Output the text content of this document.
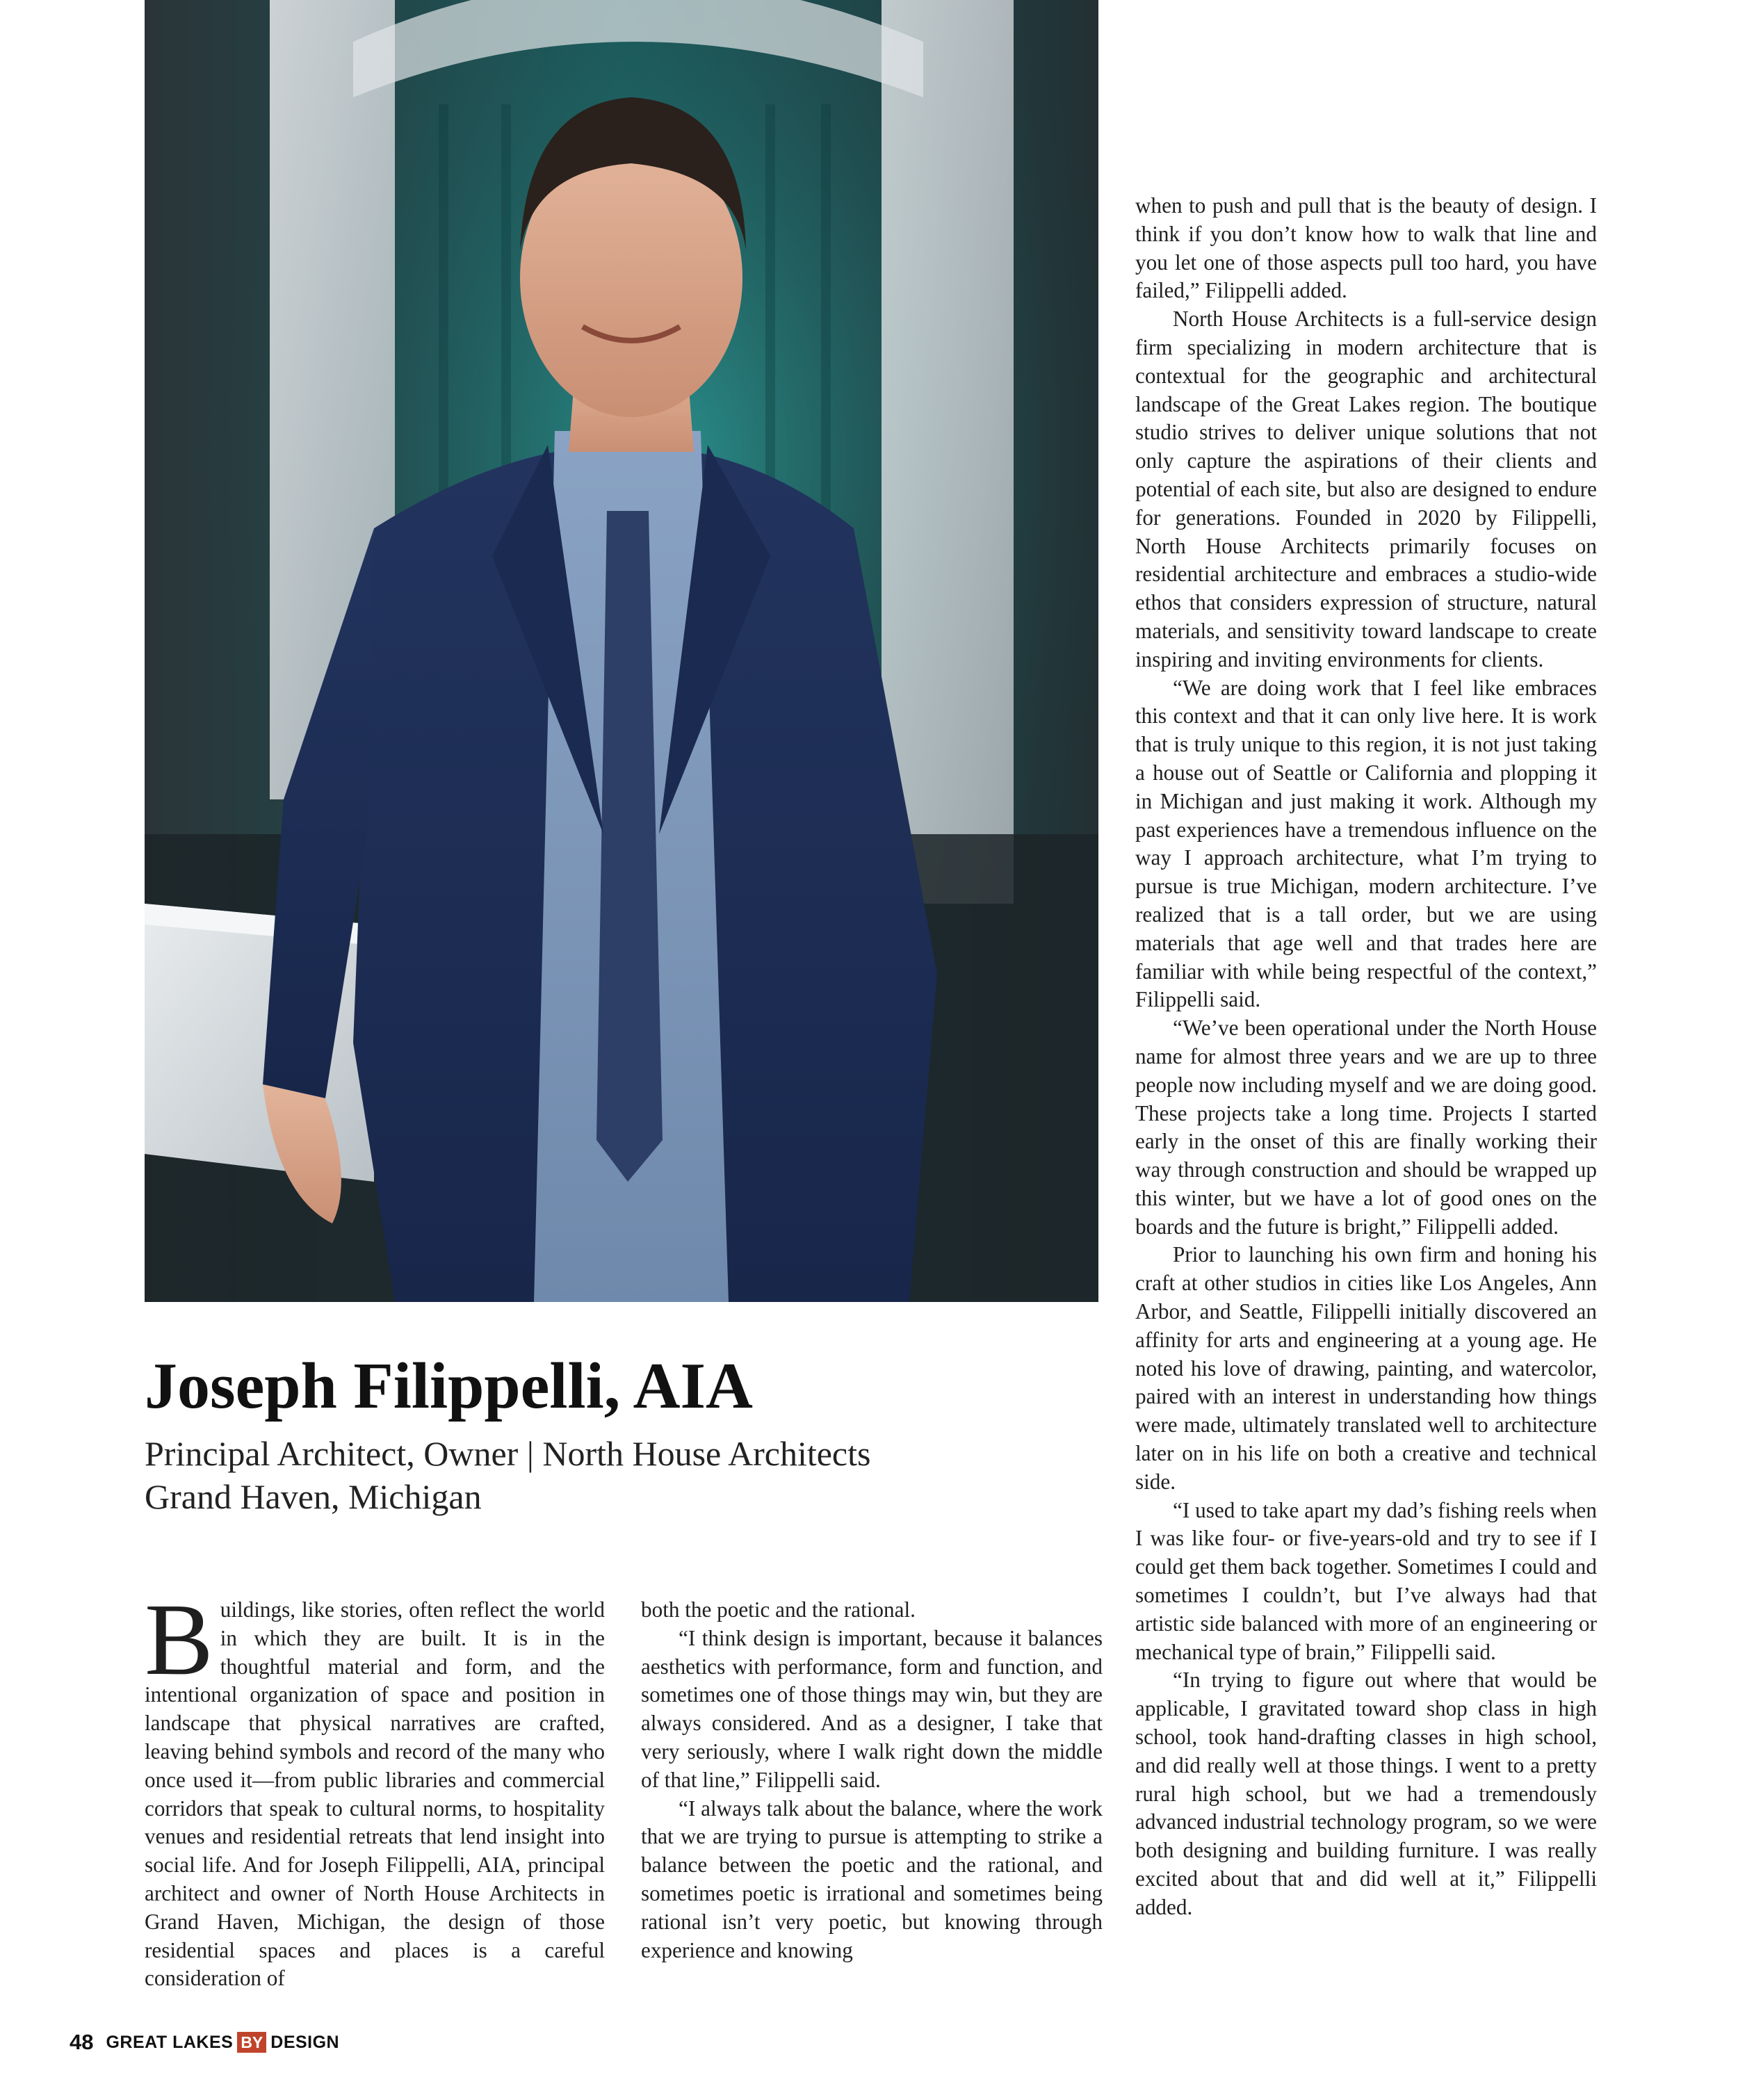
Joseph Filippelli, AIA
Principal Architect, Owner | North House Architects
Grand Haven, Michigan

Buildings, like stories, often reflect the world in which they are built. It is in the thoughtful material and form, and the intentional organization of space and position in landscape that physical narratives are crafted, leaving behind symbols and record of the many who once used it—from public libraries and commercial corridors that speak to cultural norms, to hospitality venues and residential retreats that lend insight into social life. And for Joseph Filippelli, AIA, principal architect and owner of North House Architects in Grand Haven, Michigan, the design of those residential spaces and places is a careful consideration of

both the poetic and the rational.

“I think design is important, because it balances aesthetics with performance, form and function, and sometimes one of those things may win, but they are always considered. And as a designer, I take that very seriously, where I walk right down the middle of that line,” Filippelli said.

“I always talk about the balance, where the work that we are trying to pursue is attempting to strike a balance between the poetic and the rational, and sometimes poetic is irrational and sometimes being rational isn’t very poetic, but knowing through experience and knowing

when to push and pull that is the beauty of design. I think if you don’t know how to walk that line and you let one of those aspects pull too hard, you have failed,” Filippelli added.

North House Architects is a full-service design firm specializing in modern architecture that is contextual for the geographic and architectural landscape of the Great Lakes region. The boutique studio strives to deliver unique solutions that not only capture the aspirations of their clients and potential of each site, but also are designed to endure for generations. Founded in 2020 by Filippelli, North House Architects primarily focuses on residential architecture and embraces a studio-wide ethos that considers expression of structure, natural materials, and sensitivity toward landscape to create inspiring and inviting environments for clients.

“We are doing work that I feel like embraces this context and that it can only live here. It is work that is truly unique to this region, it is not just taking a house out of Seattle or California and plopping it in Michigan and just making it work. Although my past experiences have a tremendous influence on the way I approach architecture, what I’m trying to pursue is true Michigan, modern architecture. I’ve realized that is a tall order, but we are using materials that age well and that trades here are familiar with while being respectful of the context,” Filippelli said.

“We’ve been operational under the North House name for almost three years and we are up to three people now including myself and we are doing good. These projects take a long time. Projects I started early in the onset of this are finally working their way through construction and should be wrapped up this winter, but we have a lot of good ones on the boards and the future is bright,” Filippelli added.

Prior to launching his own firm and honing his craft at other studios in cities like Los Angeles, Ann Arbor, and Seattle, Filippelli initially discovered an affinity for arts and engineering at a young age. He noted his love of drawing, painting, and watercolor, paired with an interest in understanding how things were made, ultimately translated well to architecture later on in his life on both a creative and technical side.

“I used to take apart my dad’s fishing reels when I was like four- or five-years-old and try to see if I could get them back together. Sometimes I could and sometimes I couldn’t, but I’ve always had that artistic side balanced with more of an engineering or mechanical type of brain,” Filippelli said.

“In trying to figure out where that would be applicable, I gravitated toward shop class in high school, took hand-drafting classes in high school, and did really well at those things. I went to a pretty rural high school, but we had a tremendously advanced industrial technology program, so we were both designing and building furniture. I was really excited about that and did well at it,” Filippelli added.

48 GREAT LAKES BY DESIGN
